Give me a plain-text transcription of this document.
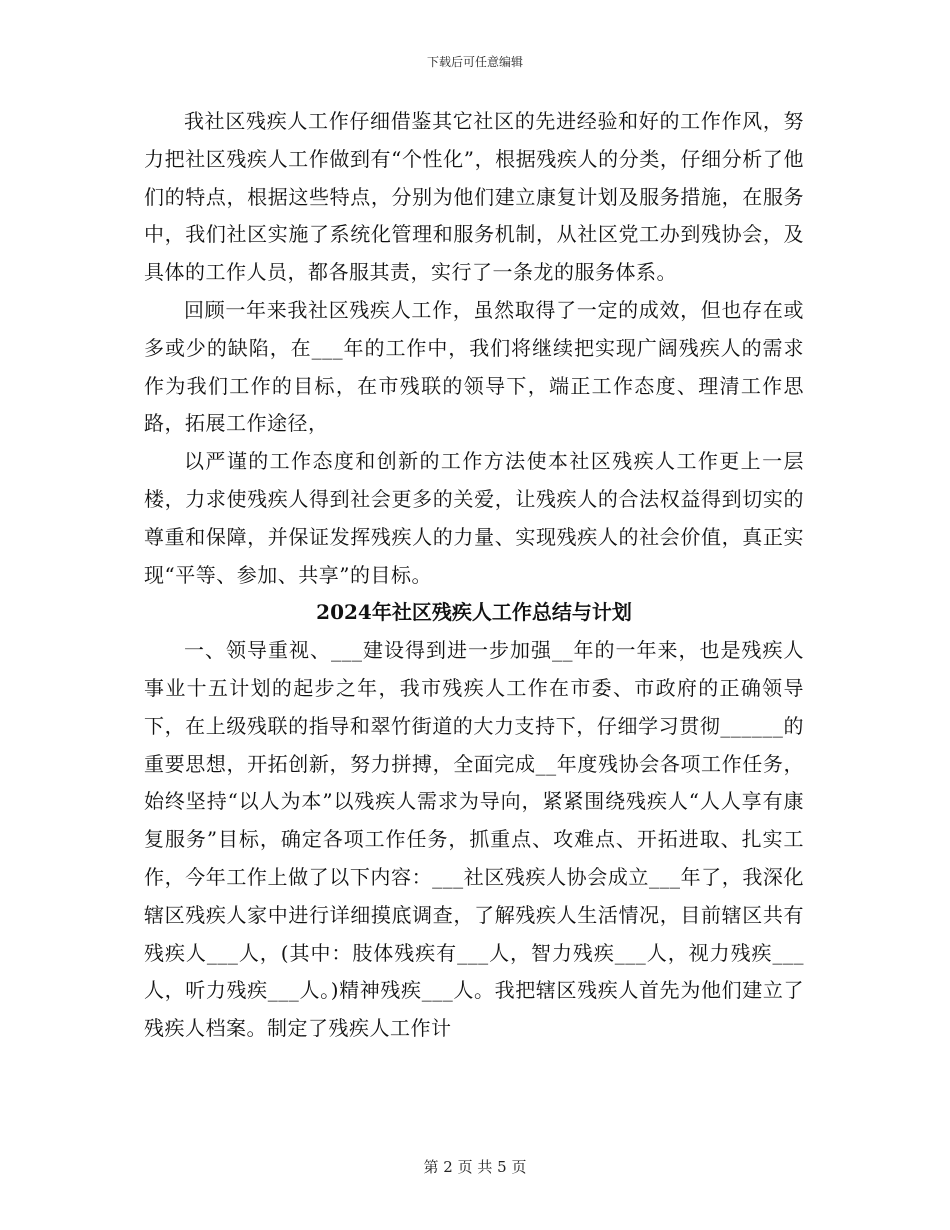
下载后可任意编辑

我社区残疾人工作仔细借鉴其它社区的先进经验和好的工作作风，努力把社区残疾人工作做到有“个性化”，根据残疾人的分类，仔细分析了他们的特点，根据这些特点，分别为他们建立康复计划及服务措施，在服务中，我们社区实施了系统化管理和服务机制，从社区党工办到残协会，及具体的工作人员，都各服其责，实行了一条龙的服务体系。

回顾一年来我社区残疾人工作，虽然取得了一定的成效，但也存在或多或少的缺陷，在___年的工作中，我们将继续把实现广阔残疾人的需求作为我们工作的目标，在市残联的领导下，端正工作态度、理清工作思路，拓展工作途径，

以严谨的工作态度和创新的工作方法使本社区残疾人工作更上一层楼，力求使残疾人得到社会更多的关爱，让残疾人的合法权益得到切实的尊重和保障，并保证发挥残疾人的力量、实现残疾人的社会价值，真正实现“平等、参加、共享”的目标。

2024年社区残疾人工作总结与计划

一、领导重视、___建设得到进一步加强__年的一年来，也是残疾人事业十五计划的起步之年，我市残疾人工作在市委、市政府的正确领导下，在上级残联的指导和翠竹街道的大力支持下，仔细学习贯彻______的重要思想，开拓创新，努力拼搏，全面完成__年度残协会各项工作任务，始终坚持“以人为本”以残疾人需求为导向，紧紧围绕残疾人“人人享有康复服务”目标，确定各项工作任务，抓重点、攻难点、开拓进取、扎实工作，今年工作上做了以下内容：___社区残疾人协会成立___年了，我深化辖区残疾人家中进行详细摸底调查，了解残疾人生活情况，目前辖区共有残疾人___人，(其中：肢体残疾有___人，智力残疾___人，视力残疾___人，听力残疾___人。)精神残疾___人。我把辖区残疾人首先为他们建立了残疾人档案。制定了残疾人工作计

第 2 页 共 5 页
